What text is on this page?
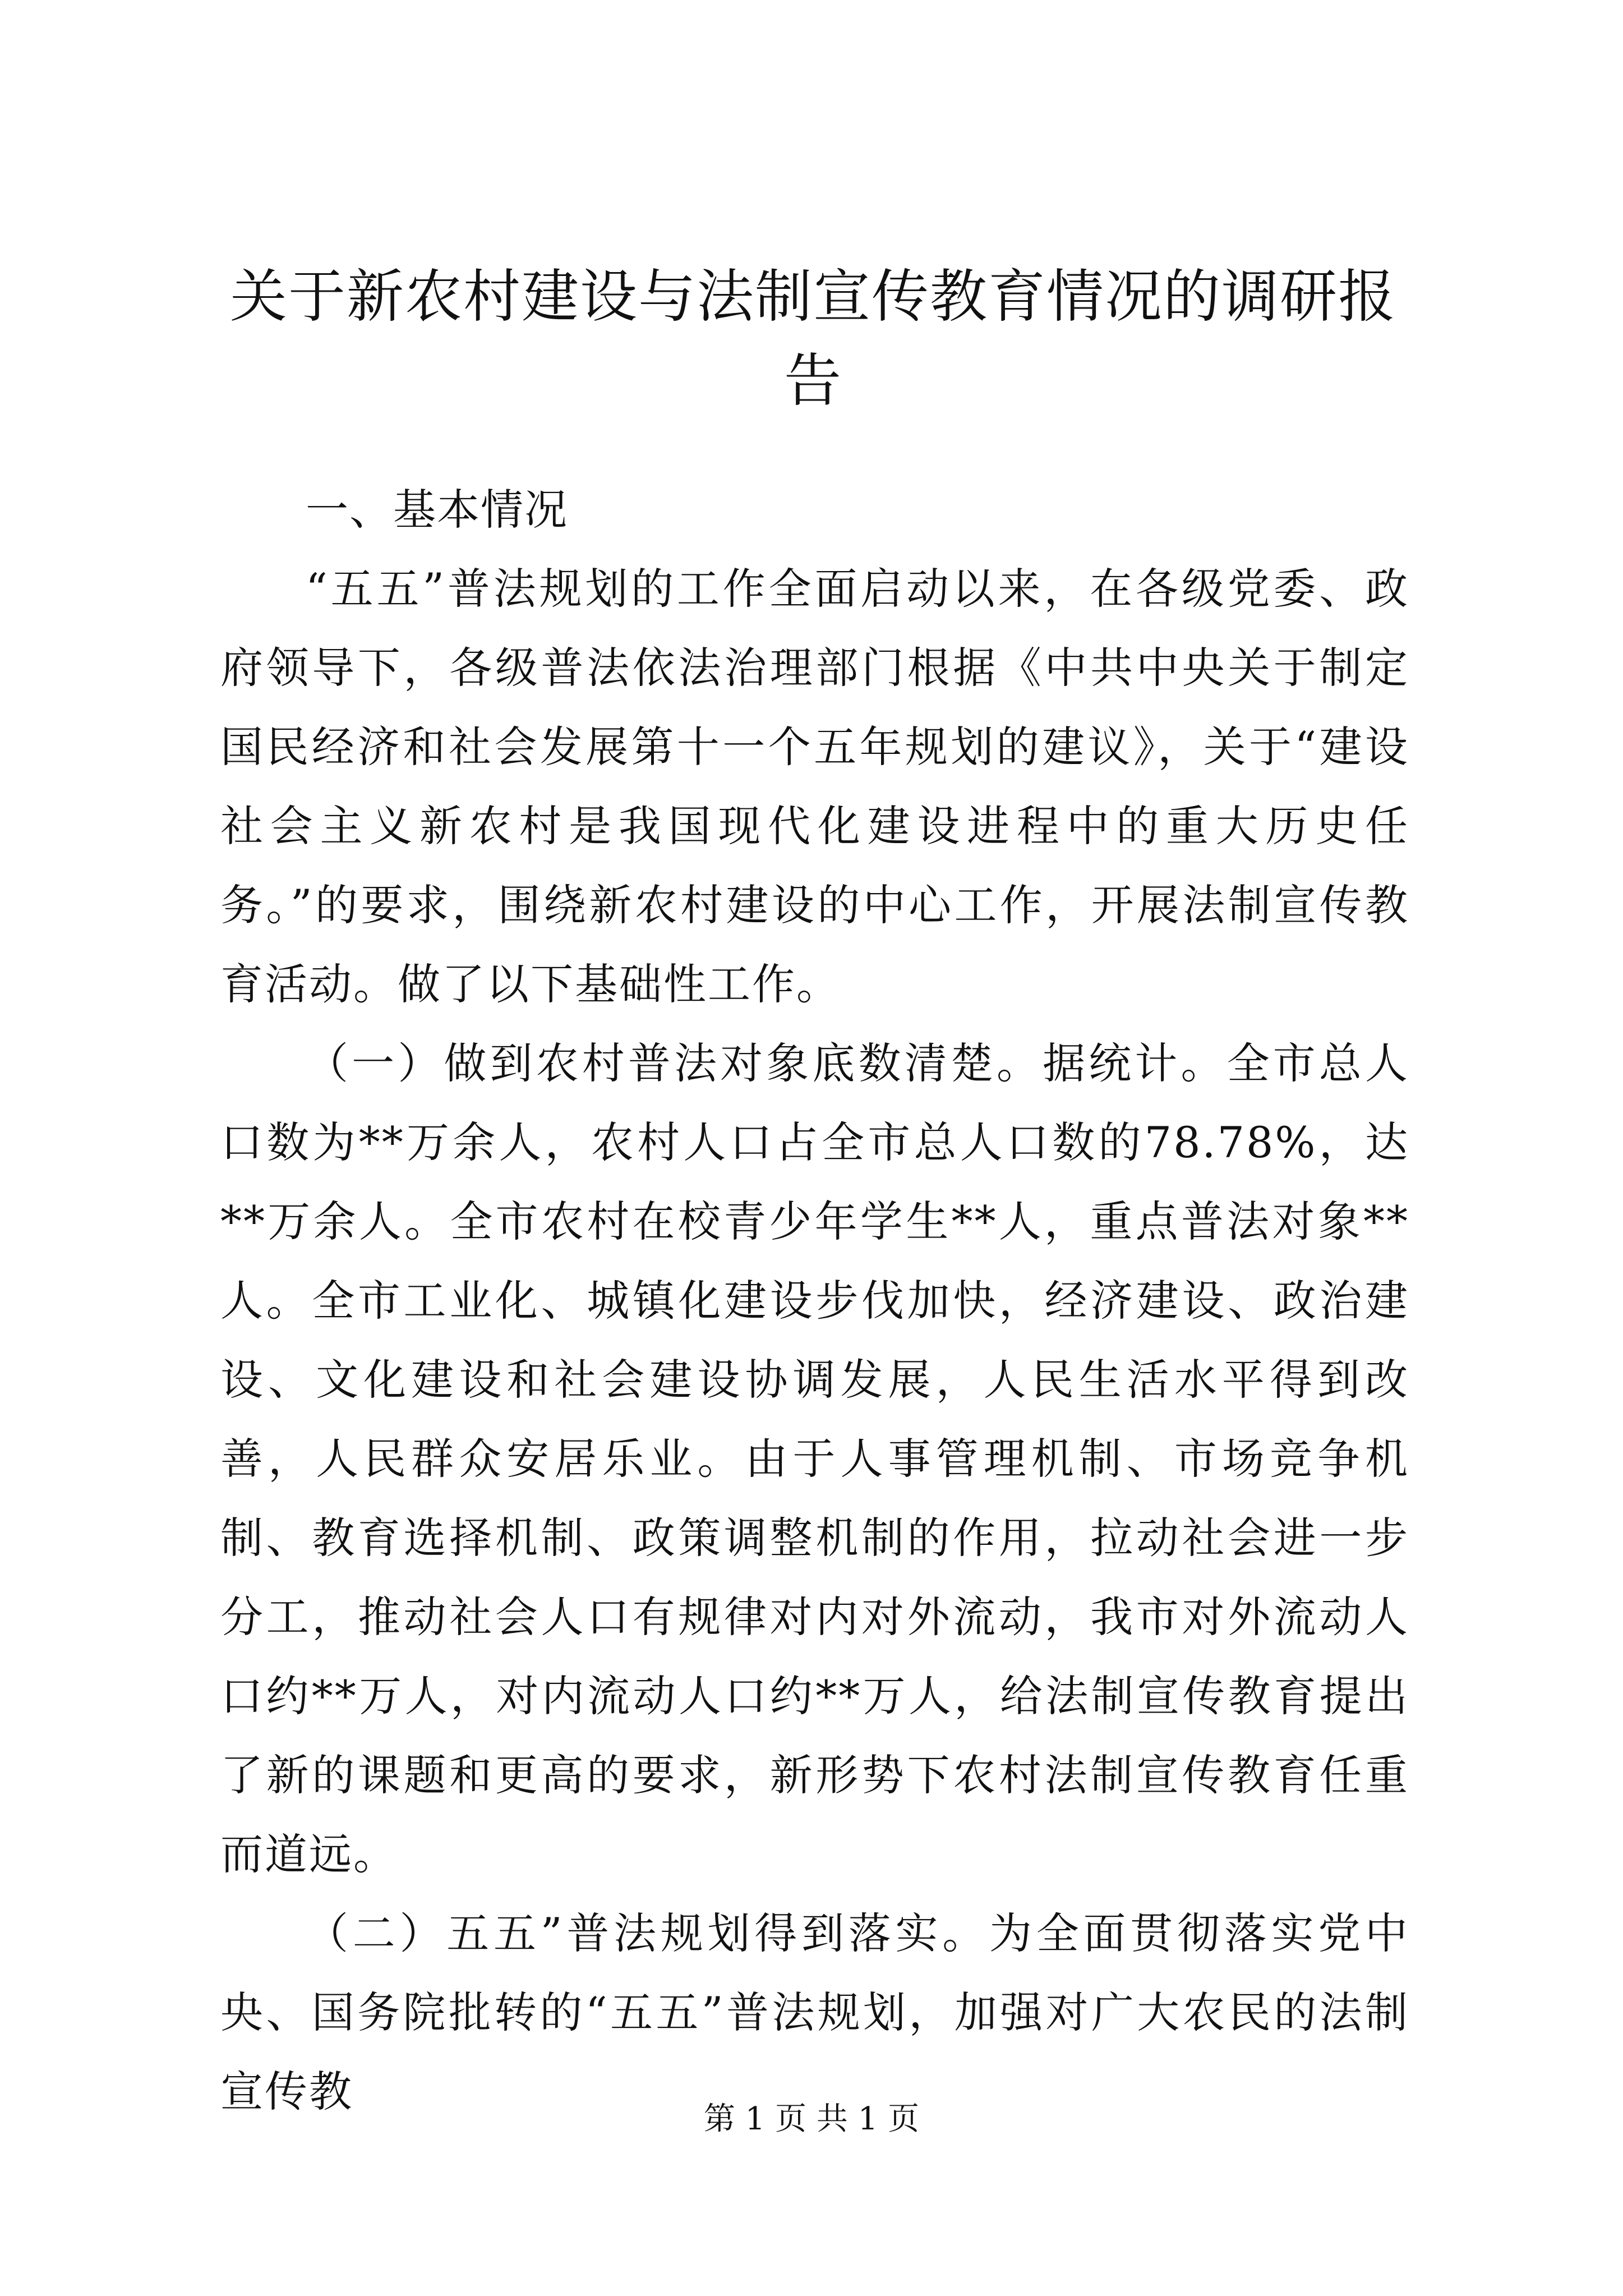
关于新农村建设与法制宣传教育情况的调研报告

一、基本情况

“五五”普法规划的工作全面启动以来，在各级党委、政府领导下，各级普法依法治理部门根据《中共中央关于制定国民经济和社会发展第十一个五年规划的建议》，关于“建设社会主义新农村是我国现代化建设进程中的重大历史任务。”的要求，围绕新农村建设的中心工作，开展法制宣传教育活动。做了以下基础性工作。

（一）做到农村普法对象底数清楚。据统计。全市总人口数为**万余人，农村人口占全市总人口数的78.78%，达**万余人。全市农村在校青少年学生**人，重点普法对象**人。全市工业化、城镇化建设步伐加快，经济建设、政治建设、文化建设和社会建设协调发展，人民生活水平得到改善，人民群众安居乐业。由于人事管理机制、市场竞争机制、教育选择机制、政策调整机制的作用，拉动社会进一步分工，推动社会人口有规律对内对外流动，我市对外流动人口约**万人，对内流动人口约**万人，给法制宣传教育提出了新的课题和更高的要求，新形势下农村法制宣传教育任重而道远。

（二）五五”普法规划得到落实。为全面贯彻落实党中央、国务院批转的“五五”普法规划，加强对广大农民的法制宣传教

第 1 页 共 1 页
